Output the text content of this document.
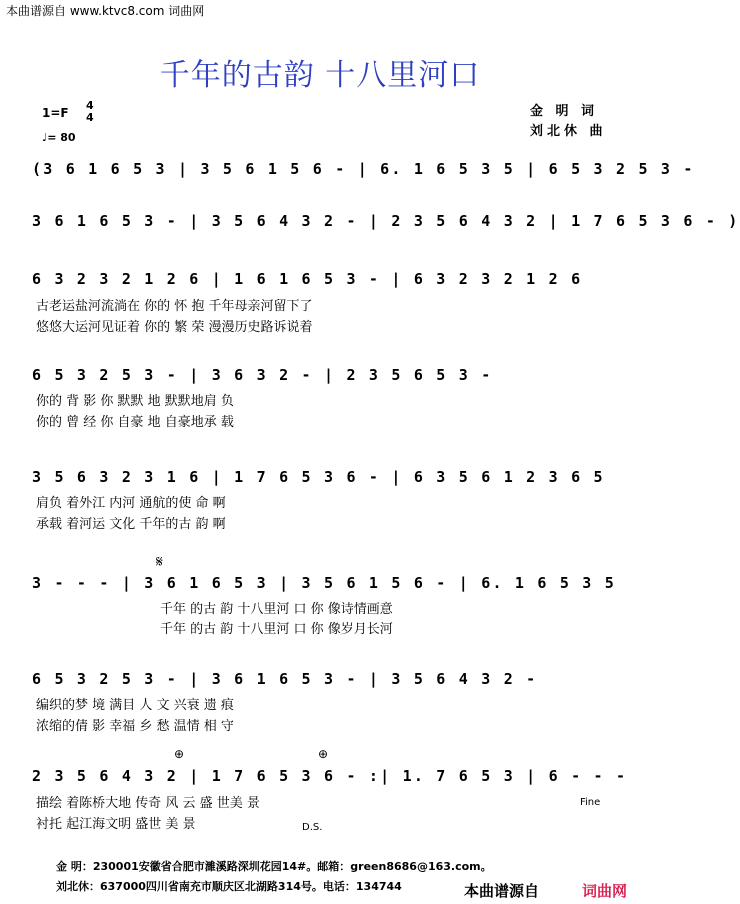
本曲谱源自 www.ktvc8.com 词曲网
千年的古韵 十八里河口
金 明 词
刘北休 曲
1=F
4
4
♩= 80
(3 6 1 6 5 3 | 3 5 6 1 5 6 - | 6. 1 6 5 3 5 | 6 5 3 2 5 3 -
3 6 1 6 5 3 - | 3 5 6 4 3 2 - | 2 3 5 6 4 3 2 | 1 7 6 5 3 6 - )
6 3 2 3 2 1 2 6 | 1 6 1 6 5 3 - | 6 3 2 3 2 1 2 6
古老运盐河流淌在 你的 怀 抱 千年母亲河留下了
悠悠大运河见证着 你的 繁 荣 漫漫历史路诉说着
6 5 3 2 5 3 - | 3 6 3 2 - | 2 3 5 6 5 3 -
你的 背 影 你 默默 地 默默地肩 负
你的 曾 经 你 自豪 地 自豪地承 载
3 5 6 3 2 3 1 6 | 1 7 6 5 3 6 - | 6 3 5 6 1 2 3 6 5
肩负 着外江 内河 通航的使 命 啊
承载 着河运 文化 千年的古 韵 啊
𝄋
3 - - - | 3 6 1 6 5 3 | 3 5 6 1 5 6 - | 6. 1 6 5 3 5
千年 的古 韵 十八里河 口 你 像诗情画意
千年 的古 韵 十八里河 口 你 像岁月长河
6 5 3 2 5 3 - | 3 6 1 6 5 3 - | 3 5 6 4 3 2 -
编织的梦 境 满目 人 文 兴衰 遗 痕
浓缩的倩 影 幸福 乡 愁 温情 相 守
⊕	⊕
2 3 5 6 4 3 2 | 1 7 6 5 3 6 - :| 1. 7 6 5 3 | 6 - - -
描绘 着陈桥大地 传奇 风 云 盛 世美 景
衬托 起江海文明 盛世 美 景
Fine
D.S.
金 明：230001安徽省合肥市濉溪路深圳花园14#。邮箱：green8686@163.com。
刘北休：637000四川省南充市顺庆区北湖路314号。电话：134744	本曲谱源自	词曲网
